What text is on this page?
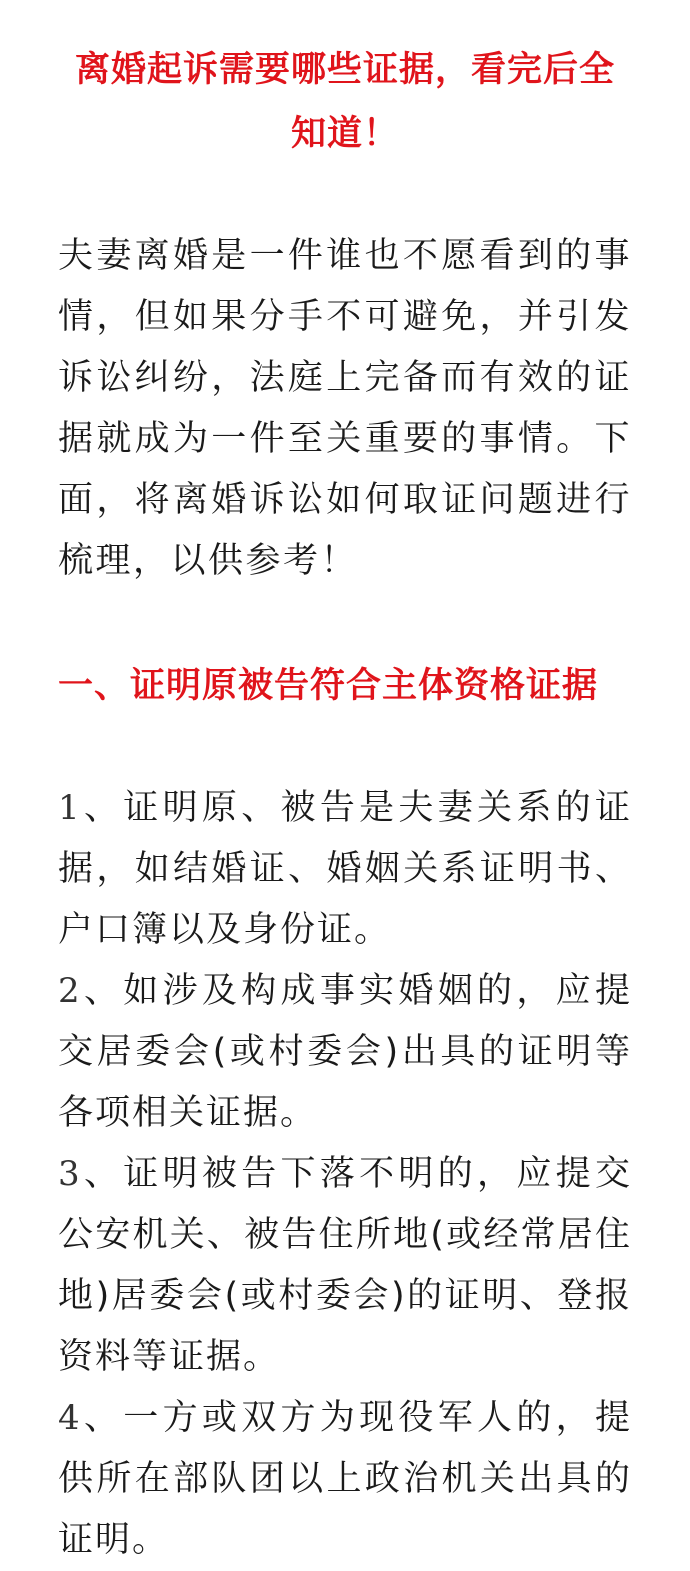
离婚起诉需要哪些证据，看完后全知道！

夫妻离婚是一件谁也不愿看到的事情，但如果分手不可避免，并引发诉讼纠纷，法庭上完备而有效的证据就成为一件至关重要的事情。下面，将离婚诉讼如何取证问题进行梳理，以供参考！

一、证明原被告符合主体资格证据
1、证明原、被告是夫妻关系的证据，如结婚证、婚姻关系证明书、户口簿以及身份证。
2、如涉及构成事实婚姻的，应提交居委会(或村委会)出具的证明等各项相关证据。
3、证明被告下落不明的，应提交公安机关、被告住所地(或经常居住地)居委会(或村委会)的证明、登报资料等证据。
4、一方或双方为现役军人的，提供所在部队团以上政治机关出具的证明。
